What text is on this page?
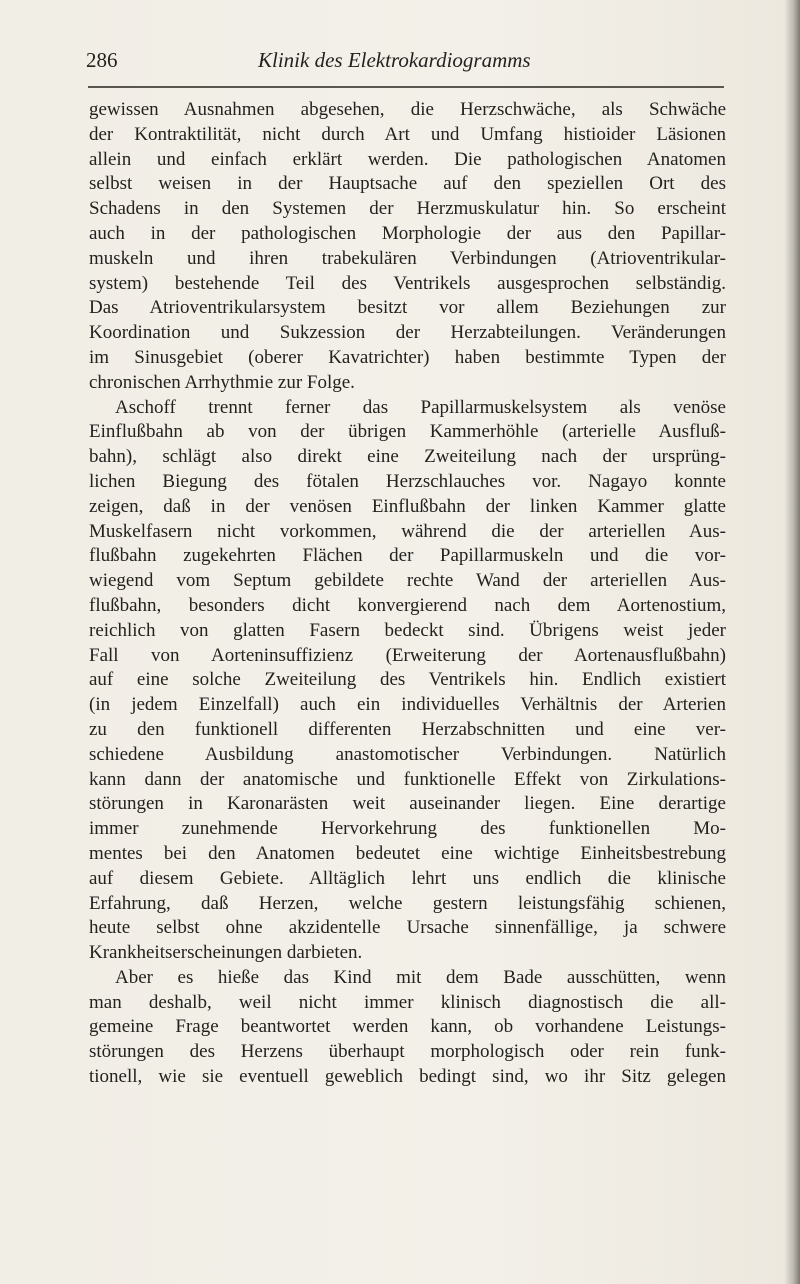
286	Klinik des Elektrokardiogramms
gewissen Ausnahmen abgesehen, die Herzschwäche, als Schwäche
der Kontraktilität, nicht durch Art und Umfang histioider Läsionen
allein und einfach erklärt werden. Die pathologischen Anatomen
selbst weisen in der Hauptsache auf den speziellen Ort des
Schadens in den Systemen der Herzmuskulatur hin. So erscheint
auch in der pathologischen Morphologie der aus den Papillar-
muskeln und ihren trabekulären Verbindungen (Atrioventrikular-
system) bestehende Teil des Ventrikels ausgesprochen selbständig.
Das Atrioventrikularsystem besitzt vor allem Beziehungen zur
Koordination und Sukzession der Herzabteilungen. Veränderungen
im Sinusgebiet (oberer Kavatrichter) haben bestimmte Typen der
chronischen Arrhythmie zur Folge.
Aschoff trennt ferner das Papillarmuskelsystem als venöse
Einflußbahn ab von der übrigen Kammerhöhle (arterielle Ausfluß-
bahn), schlägt also direkt eine Zweiteilung nach der ursprüng-
lichen Biegung des fötalen Herzschlauches vor. Nagayo konnte
zeigen, daß in der venösen Einflußbahn der linken Kammer glatte
Muskelfasern nicht vorkommen, während die der arteriellen Aus-
flußbahn zugekehrten Flächen der Papillarmuskeln und die vor-
wiegend vom Septum gebildete rechte Wand der arteriellen Aus-
flußbahn, besonders dicht konvergierend nach dem Aortenostium,
reichlich von glatten Fasern bedeckt sind. Übrigens weist jeder
Fall von Aorteninsuffizienz (Erweiterung der Aortenausflußbahn)
auf eine solche Zweiteilung des Ventrikels hin. Endlich existiert
(in jedem Einzelfall) auch ein individuelles Verhältnis der Arterien
zu den funktionell differenten Herzabschnitten und eine ver-
schiedene Ausbildung anastomotischer Verbindungen. Natürlich
kann dann der anatomische und funktionelle Effekt von Zirkulations-
störungen in Karonarästen weit auseinander liegen. Eine derartige
immer zunehmende Hervorkehrung des funktionellen Mo-
mentes bei den Anatomen bedeutet eine wichtige Einheitsbestrebung
auf diesem Gebiete. Alltäglich lehrt uns endlich die klinische
Erfahrung, daß Herzen, welche gestern leistungsfähig schienen,
heute selbst ohne akzidentelle Ursache sinnenfällige, ja schwere
Krankheitserscheinungen darbieten.
Aber es hieße das Kind mit dem Bade ausschütten, wenn
man deshalb, weil nicht immer klinisch diagnostisch die all-
gemeine Frage beantwortet werden kann, ob vorhandene Leistungs-
störungen des Herzens überhaupt morphologisch oder rein funk-
tionell, wie sie eventuell geweblich bedingt sind, wo ihr Sitz gelegen
